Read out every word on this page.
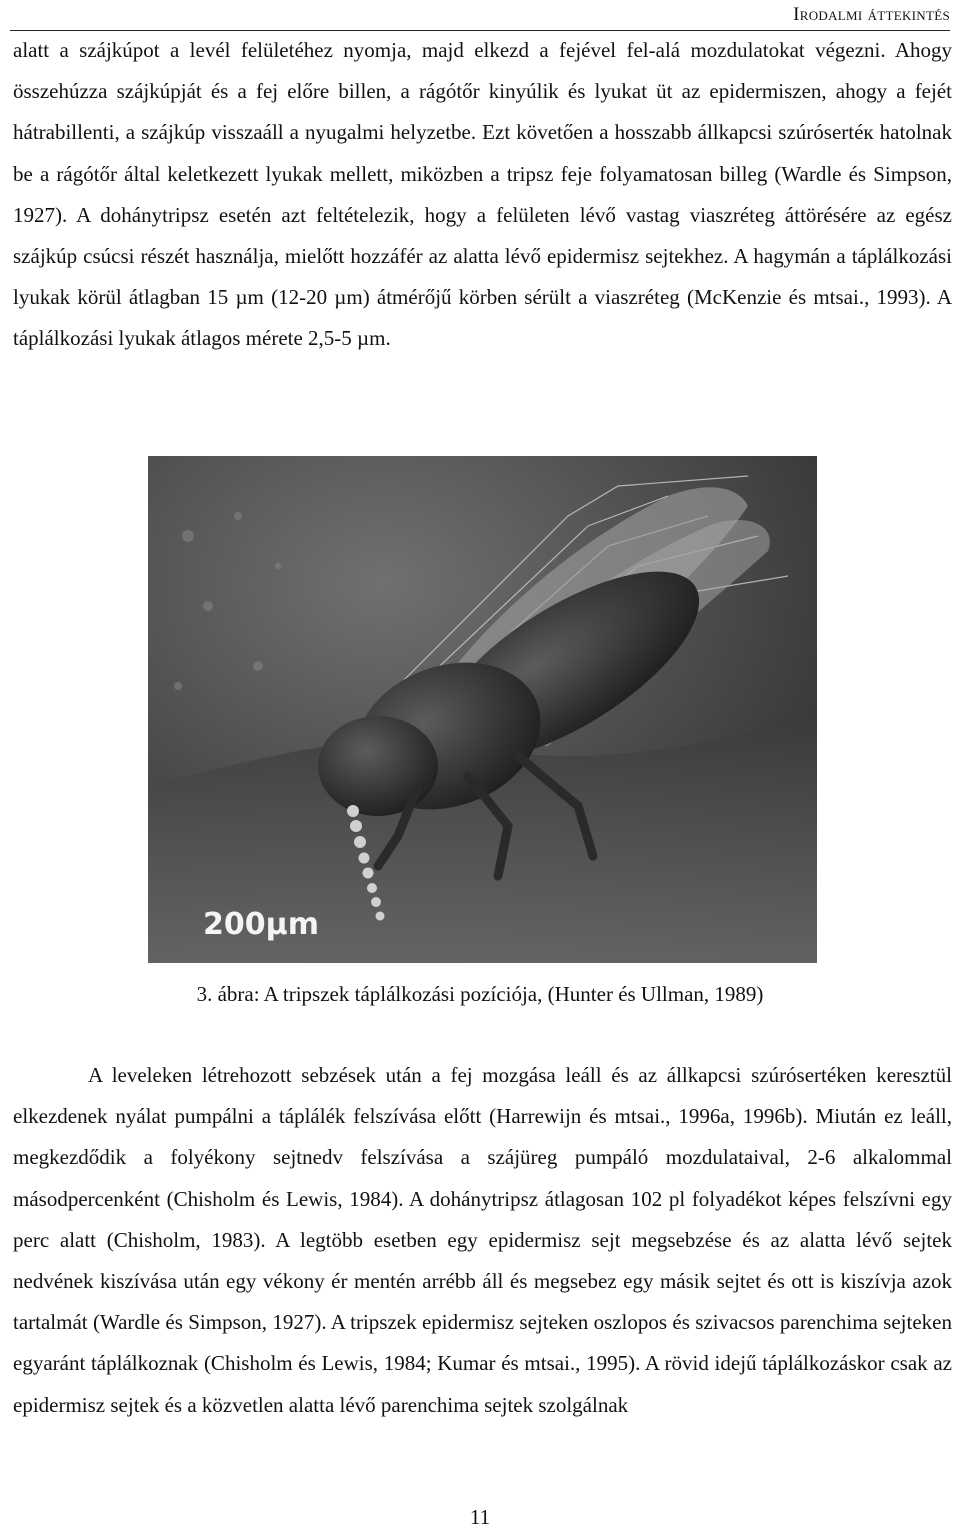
Irodalmi áttekintés

alatt a szájkúpot a levél felületéhez nyomja, majd elkezd a fejével fel-alá mozdulatokat végezni. Ahogy összehúzza szájkúpját és a fej előre billen, a rágótőr kinyúlik és lyukat üt az epidermiszen, ahogy a fejét hátrabillenti, a szájkúp visszaáll a nyugalmi helyzetbe. Ezt követően a hosszabb állkapcsi szúrósertéк hatolnak be a rágótőr által keletkezett lyukak mellett, miközben a tripsz feje folyamatosan billeg (Wardle és Simpson, 1927). A dohánytripsz esetén azt feltételezik, hogy a felületen lévő vastag viaszréteg áttörésére az egész szájkúp csúcsi részét használja, mielőtt hozzáfér az alatta lévő epidermisz sejtekhez. A hagymán a táplálkozási lyukak körül átlagban 15 µm (12-20 µm) átmérőjű körben sérült a viaszréteg (McKenzie és mtsai., 1993). A táplálkozási lyukak átlagos mérete 2,5-5 µm.

200µm
3. ábra: A tripszek táplálkozási pozíciója, (Hunter és Ullman, 1989)

A leveleken létrehozott sebzések után a fej mozgása leáll és az állkapcsi szúrósertéken keresztül elkezdenek nyálat pumpálni a táplálék felszívása előtt (Harrewijn és mtsai., 1996a, 1996b). Miután ez leáll, megkezdődik a folyékony sejtnedv felszívása a szájüreg pumpáló mozdulataival, 2-6 alkalommal másodpercenként (Chisholm és Lewis, 1984). A dohánytripsz átlagosan 102 pl folyadékot képes felszívni egy perc alatt (Chisholm, 1983). A legtöbb esetben egy epidermisz sejt megsebzése és az alatta lévő sejtek nedvének kiszívása után egy vékony ér mentén arrébb áll és megsebez egy másik sejtet és ott is kiszívja azok tartalmát (Wardle és Simpson, 1927). A tripszek epidermisz sejteken oszlopos és szivacsos parenchima sejteken egyaránt táplálkoznak (Chisholm és Lewis, 1984; Kumar és mtsai., 1995). A rövid idejű táplálkozáskor csak az epidermisz sejtek és a közvetlen alatta lévő parenchima sejtek szolgálnak

11
